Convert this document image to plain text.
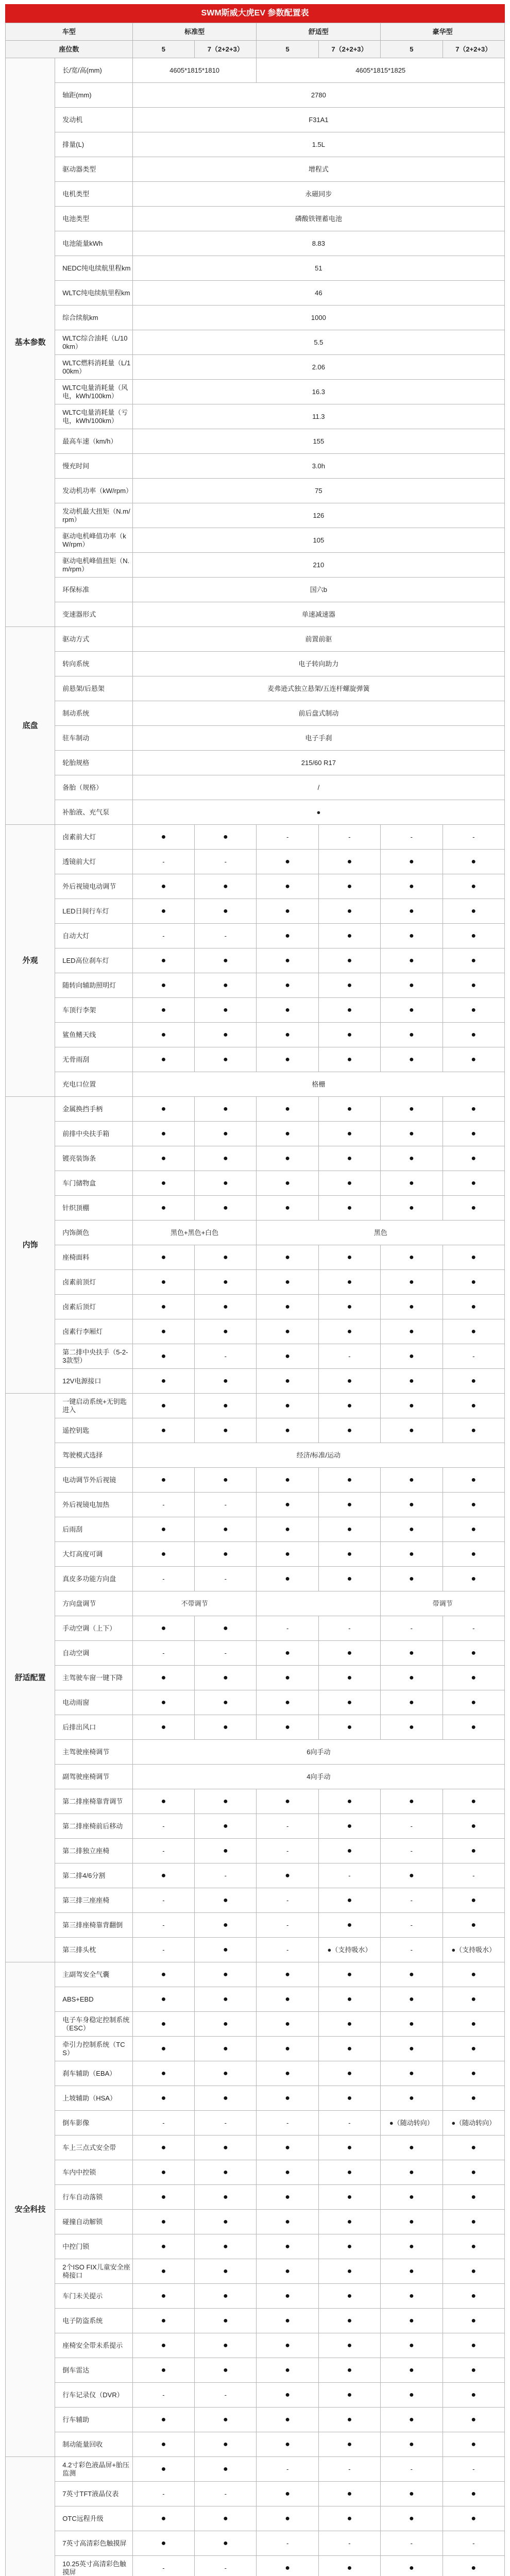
SWM斯威大虎EV 参数配置表
车型		标准型		舒适型		豪华型	
座位数		5	7（2+2+3）	5	7（2+2+3）	5	7（2+2+3）
基本参数	长/宽/高(mm)	4605*1815*1810		4605*1815*1825			
	轴距(mm)	2780					
	发动机	F31A1					
	排量(L)	1.5L					
	驱动器类型	增程式					
	电机类型	永磁同步					
	电池类型	磷酸铁锂蓄电池					
	电池能量kWh	8.83					
	NEDC纯电续航里程km	51					
	WLTC纯电续航里程km	46					
	综合续航km	1000					
	WLTC综合油耗（L/100km）	5.5					
	WLTC燃料消耗量（L/100km）	2.06					
	WLTC电量消耗量（风电，kWh/100km）	16.3					
	WLTC电量消耗量（亏电，kWh/100km）	11.3					
	最高车速（km/h）	155					
	慢充时间	3.0h					
	发动机功率（kW/rpm）	75					
	发动机最大扭矩（N.m/rpm）	126					
	驱动电机峰值功率（kW/rpm）	105					
	驱动电机峰值扭矩（N.m/rpm）	210					
	环保标准	国六b					
	变速器形式	单速减速器					
底盘	驱动方式	前置前驱					
	转向系统	电子转向助力					
	前悬架/后悬架	麦弗逊式独立悬架/五连杆螺旋弹簧					
	制动系统	前后盘式制动					
	驻车制动	电子手刹					
	轮胎规格	215/60 R17					
	备胎（规格）	/					
	补胎液、充气泵	●					
外观	卤素前大灯	●	●	-	-	-	-
	透镜前大灯	-	-	●	●	●	●
	外后视镜电动调节	●	●	●	●	●	●
	LED日间行车灯	●	●	●	●	●	●
	自动大灯	-	-	●	●	●	●
	LED高位刹车灯	●	●	●	●	●	●
	随转向辅助照明灯	●	●	●	●	●	●
	车顶行李架	●	●	●	●	●	●
	鲨鱼鳍天线	●	●	●	●	●	●
	无骨雨刮	●	●	●	●	●	●
	充电口位置	格栅					
内饰	金属换挡手柄	●	●	●	●	●	●
	前排中央扶手箱	●	●	●	●	●	●
	镀亮装饰条	●	●	●	●	●	●
	车门储物盒	●	●	●	●	●	●
	针织顶棚	●	●	●	●	●	●
	内饰颜色	黑色+黑色+白色		黑色			
	座椅面料	●	●	●	●	●	●
	卤素前顶灯	●	●	●	●	●	●
	卤素后顶灯	●	●	●	●	●	●
	卤素行李厢灯	●	●	●	●	●	●
	第二排中央扶手（5-2-3款型）	●	-	●	-	●	-
	12V电源接口	●	●	●	●	●	●
舒适配置	一键启动系统+无钥匙进入	●	●	●	●	●	●
	遥控钥匙	●	●	●	●	●	●
	驾驶模式选择	经济/标准/运动					
	电动调节外后视镜	●	●	●	●	●	●
	外后视镜电加热	-	-	●	●	●	●
	后雨刮	●	●	●	●	●	●
	大灯高度可调	●	●	●	●	●	●
	真皮多功能方向盘	-	-	●	●	●	●
	方向盘调节	不带调节				带调节	
	手动空调（上下）	●	●	-	-	-	-
	自动空调	-	-	●	●	●	●
	主驾驶车窗一键下降	●	●	●	●	●	●
	电动雨窗	●	●	●	●	●	●
	后排出风口	●	●	●	●	●	●
	主驾驶座椅调节	6向手动					
	副驾驶座椅调节	4向手动					
	第二排座椅靠背调节	●	●	●	●	●	●
	第二排座椅前后移动	-	●	-	●	-	●
	第二排独立座椅	-	●	-	●	-	●
	第二排4/6分割	●	-	●	-	●	-
	第三排三座座椅	-	●	-	●	-	●
	第三排座椅靠背翻倒	-	●	-	●	-	●
	第三排头枕	-	●	-	●（支持吸水）	-	●（支持吸水）
安全科技	主副驾安全气囊	●	●	●	●	●	●
	ABS+EBD	●	●	●	●	●	●
	电子车身稳定控制系统（ESC）	●	●	●	●	●	●
	牵引力控制系统（TCS）	●	●	●	●	●	●
	刹车辅助（EBA）	●	●	●	●	●	●
	上坡辅助（HSA）	●	●	●	●	●	●
	倒车影像	-	-	-	-	●（随动转向）	●（随动转向）
	车上三点式安全带	●	●	●	●	●	●
	车内中控锁	●	●	●	●	●	●
	行车自动落锁	●	●	●	●	●	●
	碰撞自动解锁	●	●	●	●	●	●
	中控门锁	●	●	●	●	●	●
	2个ISO FIX儿童安全座椅接口	●	●	●	●	●	●
	车门未关提示	●	●	●	●	●	●
	电子防盗系统	●	●	●	●	●	●
	座椅安全带未系提示	●	●	●	●	●	●
	倒车雷达	●	●	●	●	●	●
	行车记录仪（DVR）	-	-	●	●	●	●
	行车辅助	●	●	●	●	●	●
	制动能量回收	●	●	●	●	●	●
	4.2寸彩色液晶屏+胎压监测	●	●	-	-	-	-
	7英寸TFT液晶仪表	-	-	●	●	●	●
	OTC远程升级	●	●	●	●	●	●
	7英寸高清彩色触摸屏	●	●	-	-	-	-
	10.25英寸高清彩色触摸屏	-	-	●	●	●	●
